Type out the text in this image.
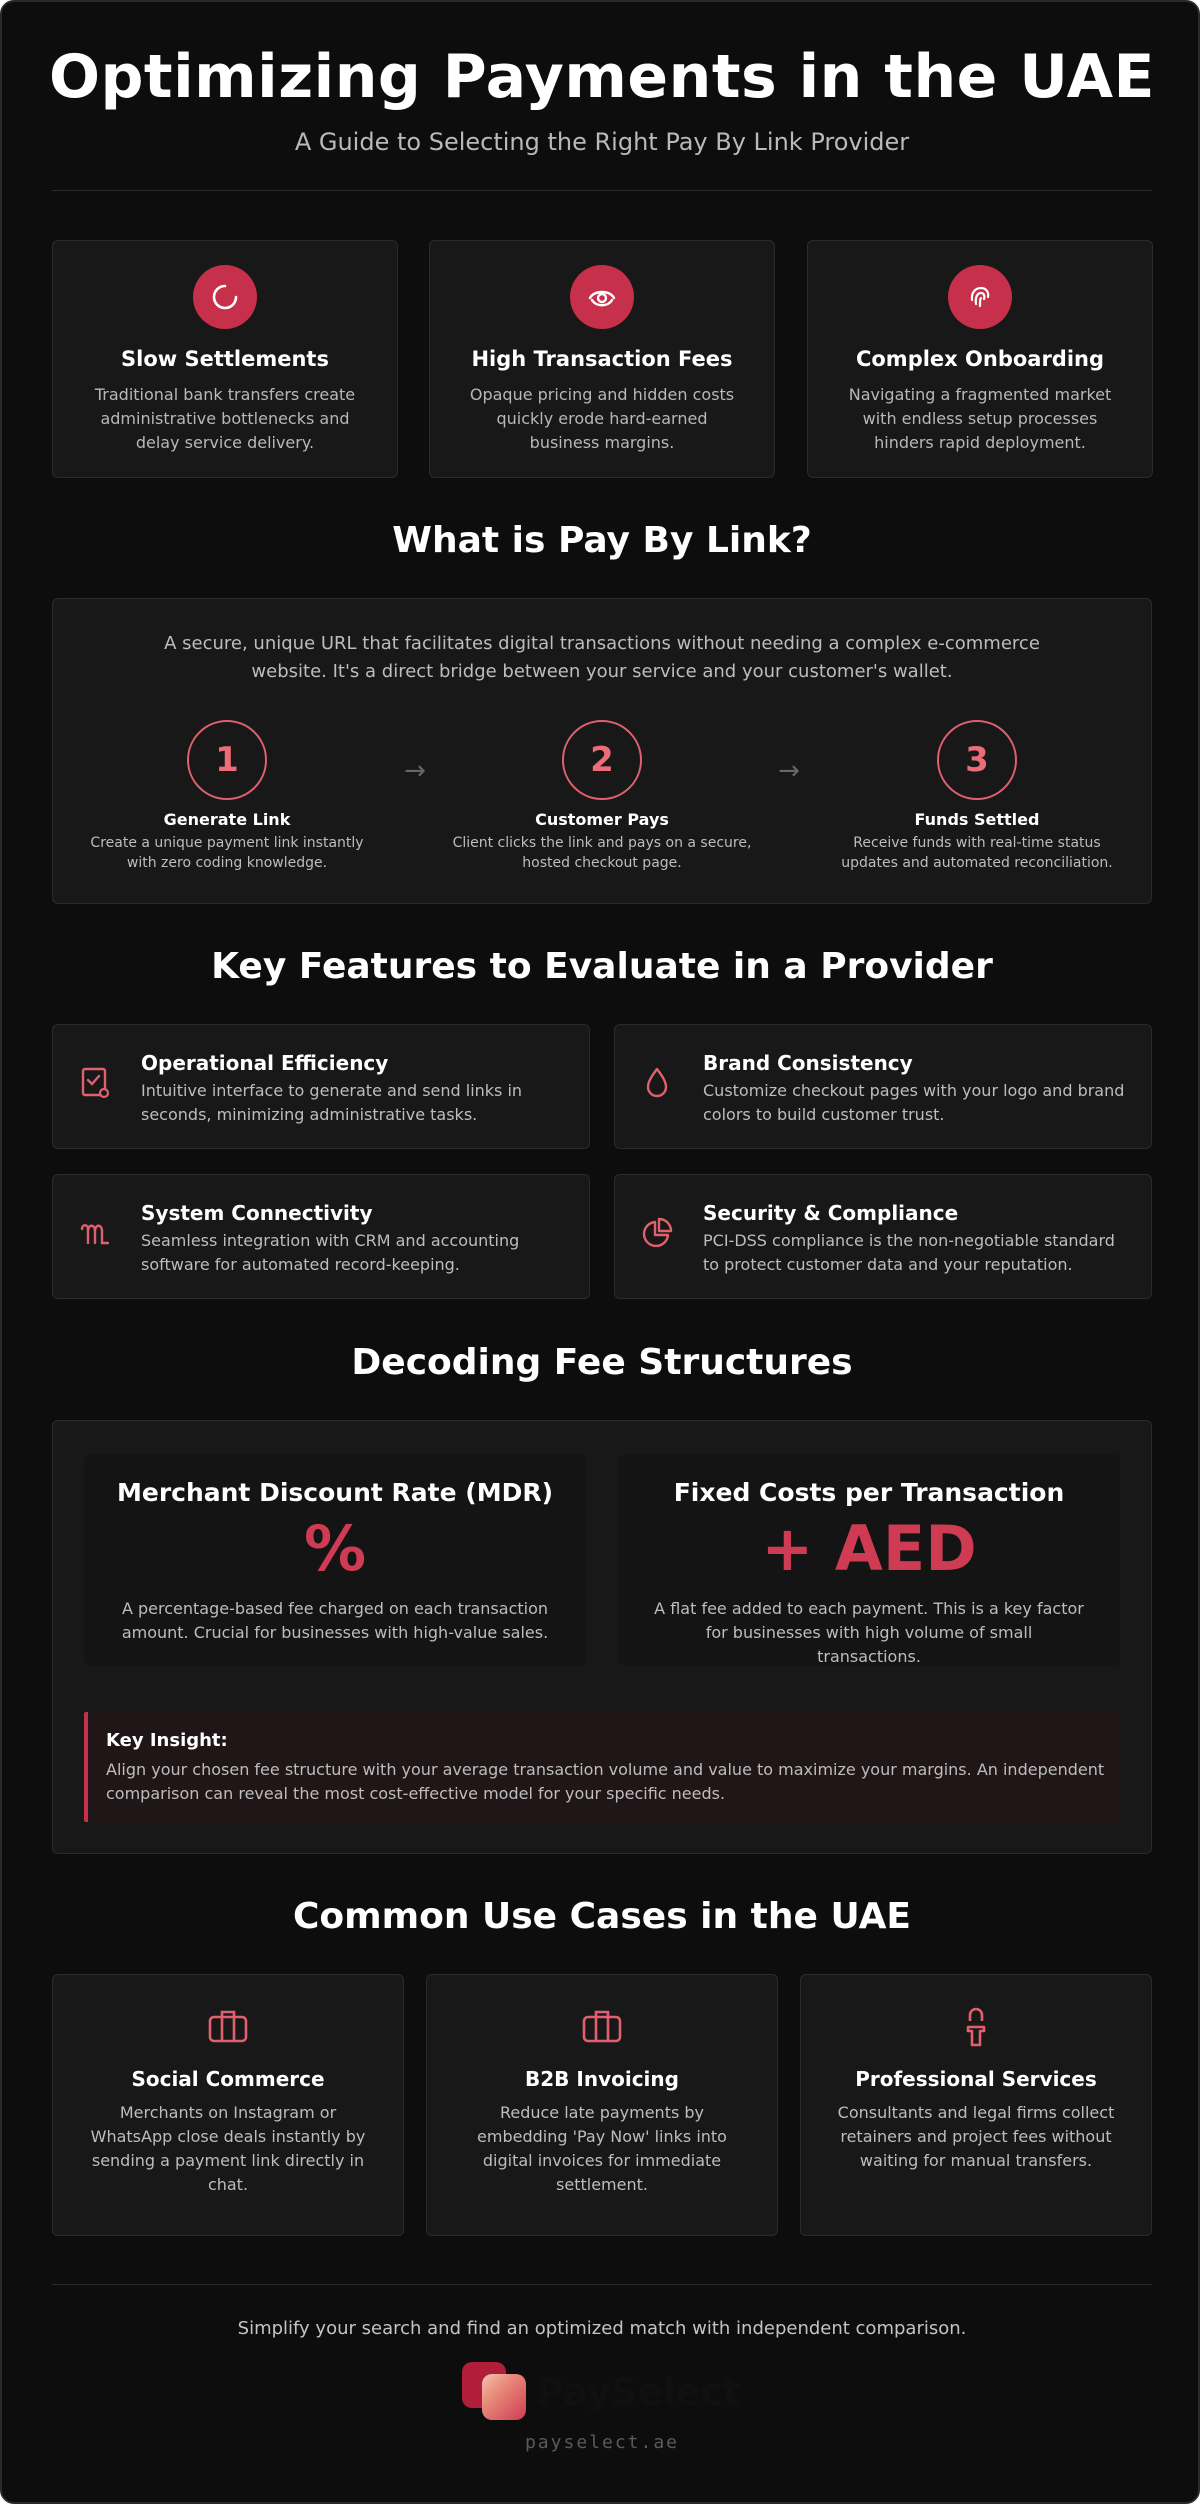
Optimizing Payments in the UAE
A Guide to Selecting the Right Pay By Link Provider
Slow Settlements

Traditional bank transfers create administrative bottlenecks and delay service delivery.

High Transaction Fees

Opaque pricing and hidden costs quickly erode hard-earned business margins.

Complex Onboarding

Navigating a fragmented market with endless setup processes hinders rapid deployment.

What is Pay By Link?
A secure, unique URL that facilitates digital transactions without needing a complex e-commerce website. It's a direct bridge between your service and your customer's wallet.
1
Generate Link

Create a unique payment link instantly with zero coding knowledge.

→	2
Customer Pays

Client clicks the link and pays on a secure, hosted checkout page.

→	3
Funds Settled

Receive funds with real-time status updates and automated reconciliation.

Key Features to Evaluate in a Provider
Operational Efficiency

Intuitive interface to generate and send links in seconds, minimizing administrative tasks.

Brand Consistency

Customize checkout pages with your logo and brand colors to build customer trust.

System Connectivity

Seamless integration with CRM and accounting software for automated record-keeping.

Security & Compliance

PCI-DSS compliance is the non-negotiable standard to protect customer data and your reputation.

Decoding Fee Structures
Merchant Discount Rate (MDR)
%

A percentage-based fee charged on each transaction amount. Crucial for businesses with high-value sales.

Fixed Costs per Transaction
+ AED

A flat fee added to each payment. This is a key factor for businesses with high volume of small transactions.

Key Insight:

Align your chosen fee structure with your average transaction volume and value to maximize your margins. An independent comparison can reveal the most cost-effective model for your specific needs.

Common Use Cases in the UAE
Social Commerce

Merchants on Instagram or WhatsApp close deals instantly by sending a payment link directly in chat.

B2B Invoicing

Reduce late payments by embedding 'Pay Now' links into digital invoices for immediate settlement.

Professional Services

Consultants and legal firms collect retainers and project fees without waiting for manual transfers.

Simplify your search and find an optimized match with independent comparison.
PaySelect
payselect.ae
